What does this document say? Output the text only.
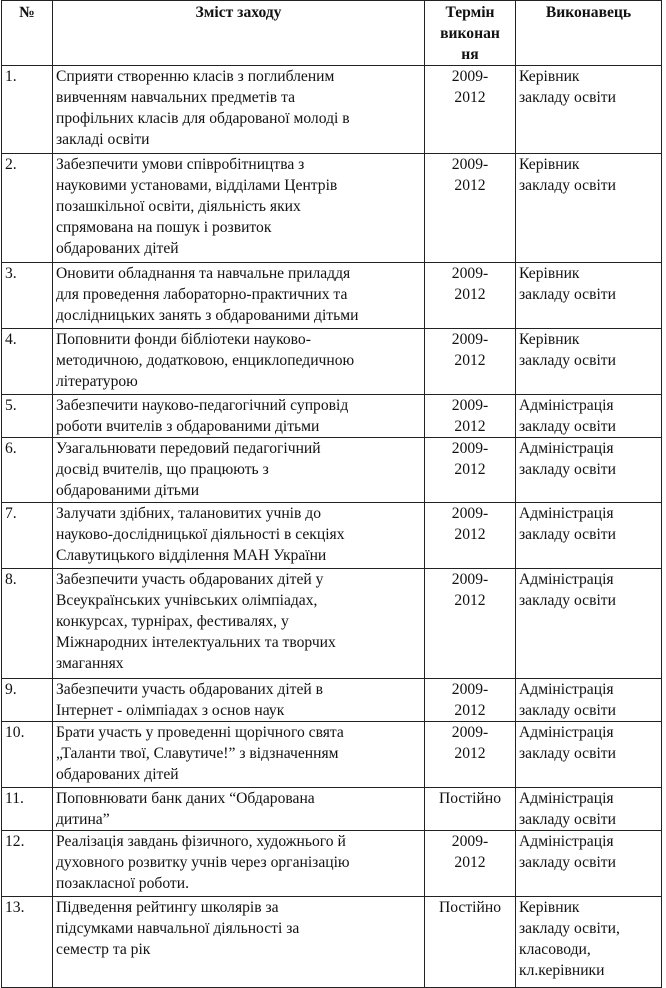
№	Зміст заходу	Термін
виконан
ня	Виконавець
1.	Сприяти створенню класів з поглибленим
вивченням навчальних предметів та
профільних класів для обдарованої молоді в
закладі освіти	2009-
2012	Керівник
закладу освіти
2.	Забезпечити умови співробітництва з
науковими установами, відділами Центрів
позашкільної освіти, діяльність яких
спрямована на пошук і розвиток
обдарованих дітей	2009-
2012	Керівник
закладу освіти
3.	Оновити обладнання та навчальне приладдя
для проведення лабораторно-практичних та
дослідницьких занять з обдарованими дітьми	2009-
2012	Керівник
закладу освіти
4.	Поповнити фонди бібліотеки науково-
методичною, додатковою, енциклопедичною
літературою	2009-
2012	Керівник
закладу освіти
5.	Забезпечити науково-педагогічний супровід
роботи вчителів з обдарованими дітьми	2009-
2012	Адміністрація
закладу освіти
6.	Узагальнювати передовий педагогічний
досвід вчителів, що працюють з
обдарованими дітьми	2009-
2012	Адміністрація
закладу освіти
7.	Залучати здібних, талановитих учнів до
науково-дослідницької діяльності в секціях
Славутицького відділення МАН України	2009-
2012	Адміністрація
закладу освіти
8.	Забезпечити участь обдарованих дітей у
Всеукраїнських учнівських олімпіадах,
конкурсах, турнірах, фестивалях, у
Міжнародних інтелектуальних та творчих
змаганнях	2009-
2012	Адміністрація
закладу освіти
9.	Забезпечити участь обдарованих дітей в
Інтернет - олімпіадах з основ наук	2009-
2012	Адміністрація
закладу освіти
10.	Брати участь у проведенні щорічного свята
„Таланти твої, Славутиче!” з відзначенням
обдарованих дітей	2009-
2012	Адміністрація
закладу освіти
11.	Поповнювати банк даних “Обдарована
дитина”	Постійно	Адміністрація
закладу освіти
12.	Реалізація завдань фізичного, художнього й
духовного розвитку учнів через організацію
позакласної роботи.	2009-
2012	Адміністрація
закладу освіти
13.	Підведення рейтингу школярів за
підсумками навчальної діяльності за
семестр та рік	Постійно	Керівник
закладу освіти,
класоводи,
кл.керівники
